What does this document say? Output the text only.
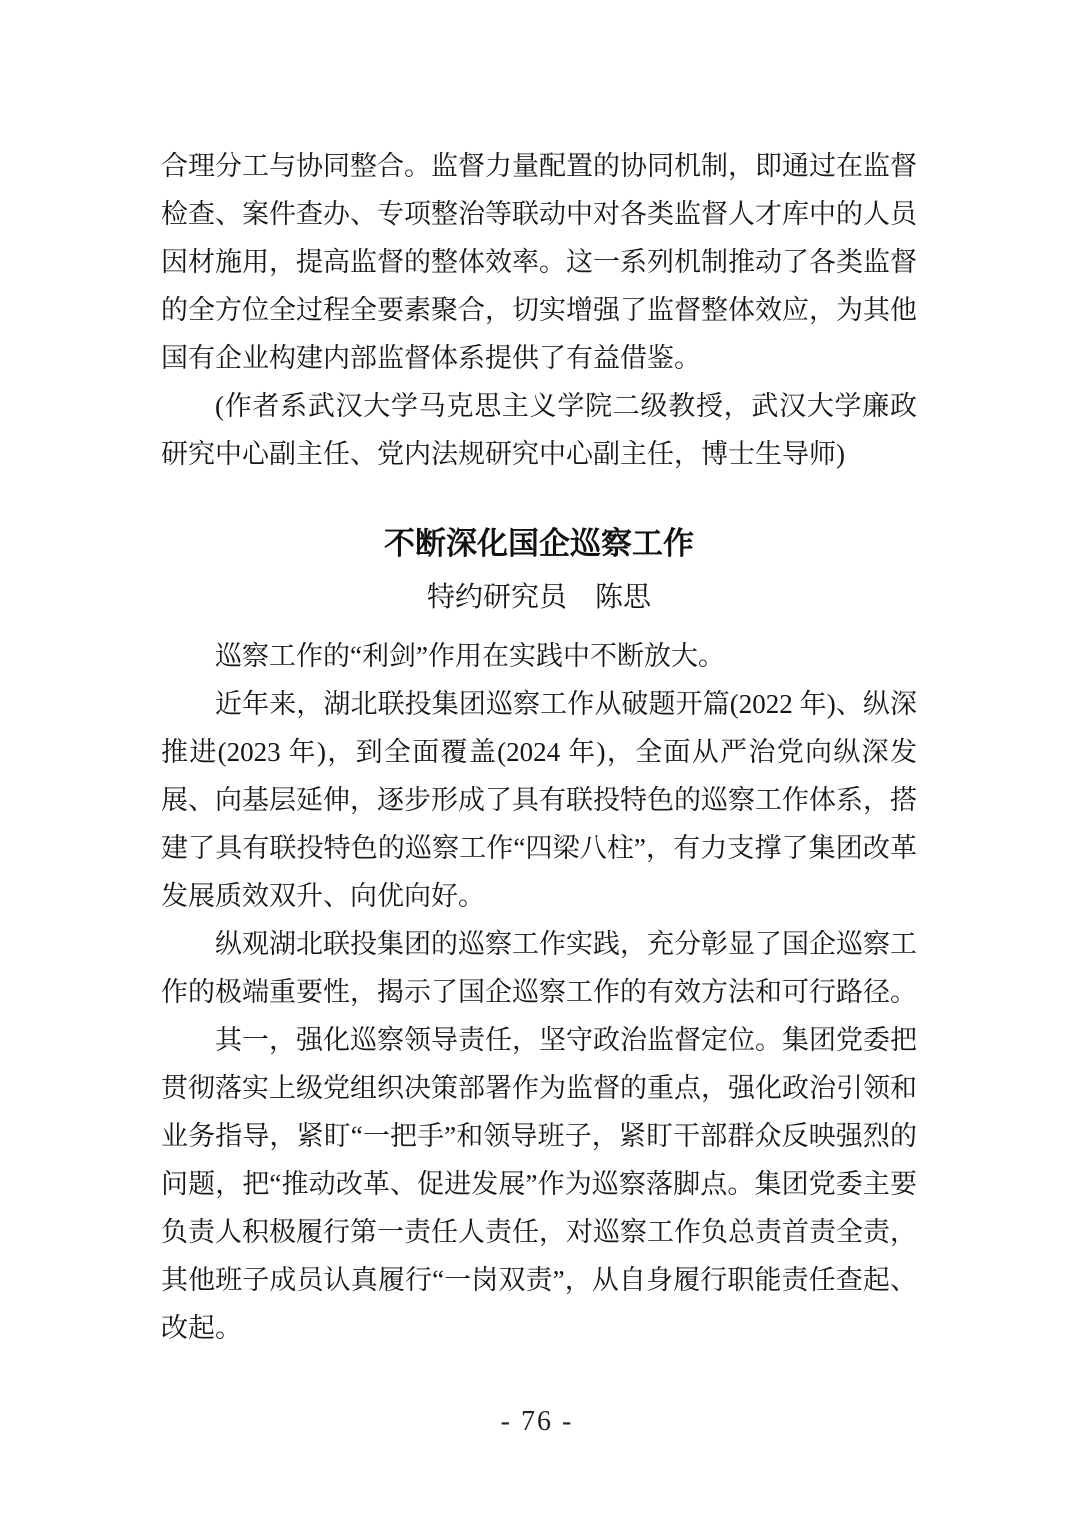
合理分工与协同整合。监督力量配置的协同机制，即通过在监督检查、案件查办、专项整治等联动中对各类监督人才库中的人员因材施用，提高监督的整体效率。这一系列机制推动了各类监督的全方位全过程全要素聚合，切实增强了监督整体效应，为其他国有企业构建内部监督体系提供了有益借鉴。

(作者系武汉大学马克思主义学院二级教授，武汉大学廉政研究中心副主任、党内法规研究中心副主任，博士生导师)

不断深化国企巡察工作

特约研究员　陈思

巡察工作的“利剑”作用在实践中不断放大。

近年来，湖北联投集团巡察工作从破题开篇(2022 年)、纵深推进(2023 年)，到全面覆盖(2024 年)，全面从严治党向纵深发展、向基层延伸，逐步形成了具有联投特色的巡察工作体系，搭建了具有联投特色的巡察工作“四梁八柱”，有力支撑了集团改革发展质效双升、向优向好。

纵观湖北联投集团的巡察工作实践，充分彰显了国企巡察工作的极端重要性，揭示了国企巡察工作的有效方法和可行路径。

其一，强化巡察领导责任，坚守政治监督定位。集团党委把贯彻落实上级党组织决策部署作为监督的重点，强化政治引领和业务指导，紧盯“一把手”和领导班子，紧盯干部群众反映强烈的问题，把“推动改革、促进发展”作为巡察落脚点。集团党委主要负责人积极履行第一责任人责任，对巡察工作负总责首责全责，其他班子成员认真履行“一岗双责”，从自身履行职能责任查起、改起。

- 76 -
